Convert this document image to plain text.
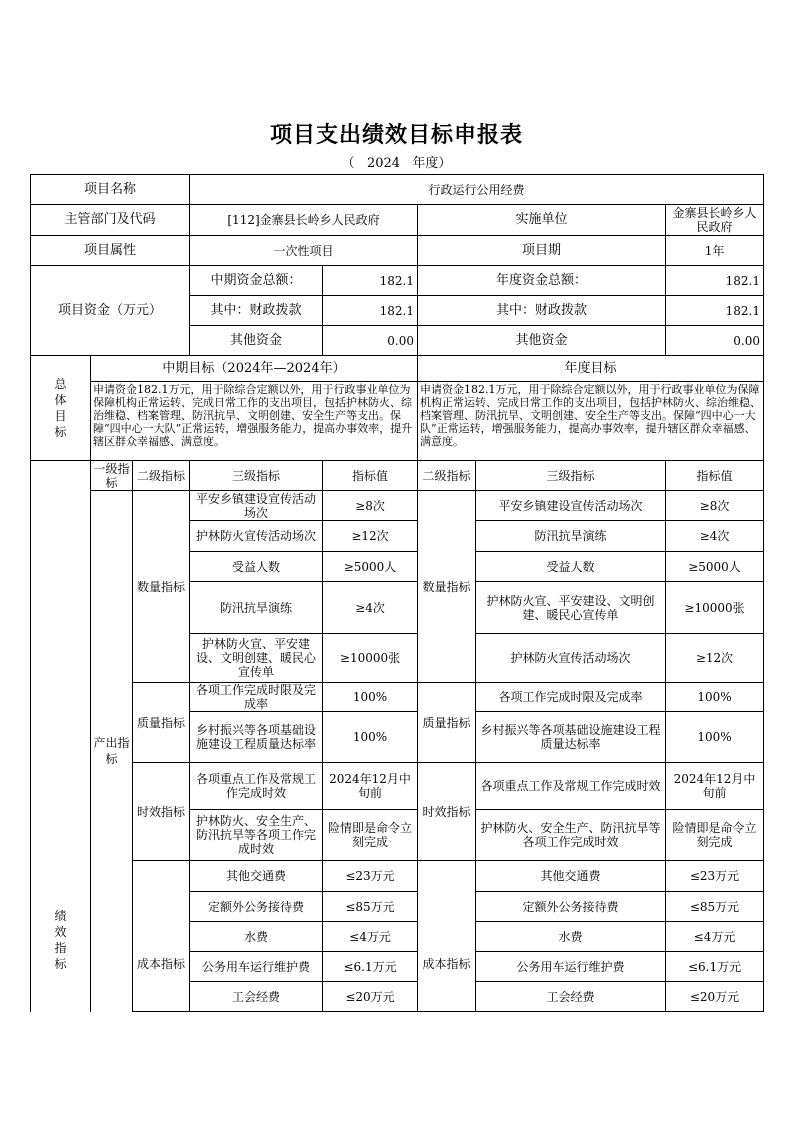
项目支出绩效目标申报表
（   2024   年度）
项目名称			行政运行公用经费				
主管部门及代码			[112]金寨县长岭乡人民政府		实施单位		金寨县长岭乡人民政府
项目属性			一次性项目		项目期		1年
项目资金（万元）			中期资金总额：	182.1	年度资金总额：		182.1
			其中：财政拨款	182.1	其中：财政拨款		182.1
			其他资金	0.00	其他资金		0.00
总体目标	中期目标（2024年—2024年）				年度目标		
	申请资金182.1万元，用于除综合定额以外，用于行政事业单位为保障机构正常运转、完成日常工作的支出项目，包括护林防火、综治维稳、档案管理、防汛抗旱、文明创建、安全生产等支出。保障“四中心一大队”正常运转，增强服务能力，提高办事效率，提升辖区群众幸福感、满意度。				申请资金182.1万元，用于除综合定额以外，用于行政事业单位为保障机构正常运转、完成日常工作的支出项目，包括护林防火、综治维稳、档案管理、防汛抗旱、文明创建、安全生产等支出。保障“四中心一大队”正常运转，增强服务能力，提高办事效率，提升辖区群众幸福感、满意度。		
绩效指标	一级指标	二级指标	三级指标	指标值	二级指标	三级指标	指标值
	产出指标	数量指标	平安乡镇建设宣传活动场次	≥8次	数量指标	平安乡镇建设宣传活动场次	≥8次
			护林防火宣传活动场次	≥12次		防汛抗旱演练	≥4次
			受益人数	≥5000人		受益人数	≥5000人
			防汛抗旱演练	≥4次		护林防火宣、平安建设、文明创建、暖民心宣传单	≥10000张
			护林防火宣、平安建设、文明创建、暖民心宣传单	≥10000张		护林防火宣传活动场次	≥12次
		质量指标	各项工作完成时限及完成率	100%	质量指标	各项工作完成时限及完成率	100%
			乡村振兴等各项基础设施建设工程质量达标率	100%		乡村振兴等各项基础设施建设工程质量达标率	100%
		时效指标	各项重点工作及常规工作完成时效	2024年12月中旬前	时效指标	各项重点工作及常规工作完成时效	2024年12月中旬前
			护林防火、安全生产、防汛抗旱等各项工作完成时效	险情即是命令立刻完成		护林防火、安全生产、防汛抗旱等各项工作完成时效	险情即是命令立刻完成
		成本指标	其他交通费	≤23万元	成本指标	其他交通费	≤23万元
			定额外公务接待费	≤85万元		定额外公务接待费	≤85万元
			水费	≤4万元		水费	≤4万元
			公务用车运行维护费	≤6.1万元		公务用车运行维护费	≤6.1万元
			工会经费	≤20万元		工会经费	≤20万元
